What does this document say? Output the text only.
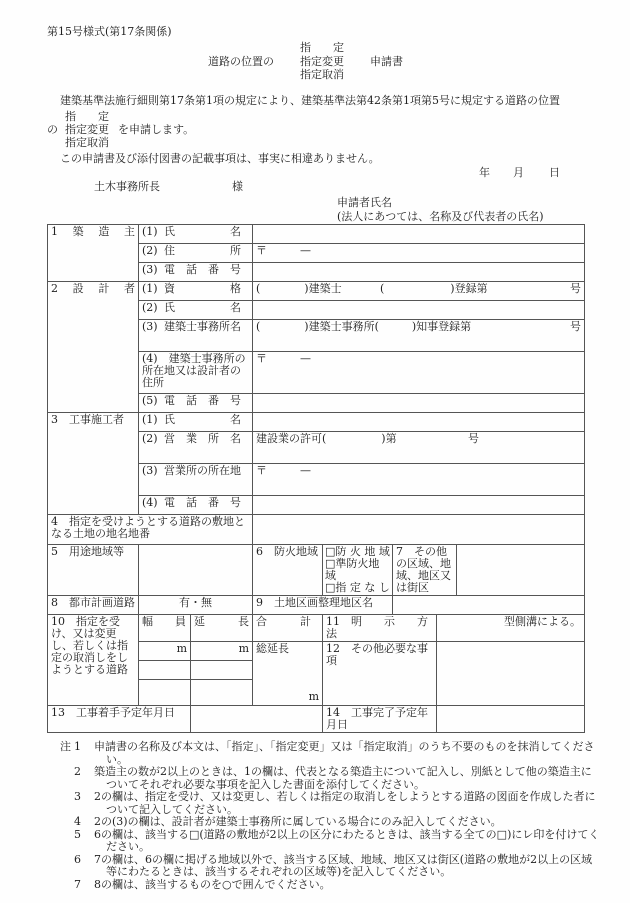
第15号様式(第17条関係)
指　　定
道路の位置の 指定変更 申請書
指定取消
建築基準法施行細則第17条第1項の規定により、建築基準法第42条第1項第5号に規定する道路の位置
指　　定
の 指定変更 を申請します。
指定取消
この申請書及び添付図書の記載事項は、事実に相違ありません。
年 月 日
土木事務所長	様
申請者氏名
(法人にあつては、名称及び代表者の氏名)
1 築 造 主	(1) 氏　　　　　名	

(2) 住　　　　　所	〒　　　—

(3) 電　話　番　号	

2 設 計 者	(1) 資　　　　　格	(　　　　)建築士	(　　　　　　)登録第	号

(2) 氏　　　　　名	

(3) 建築士事務所名	(　　　　)建築士事務所(　　　)知事登録第	号

(4)　 建築士事務所の所在地又は設計者の住所	〒　　　—

(5) 電　話　番　号	
3　工事施工者	(1) 氏　　　　　名	

(2) 営　業　所　名	建設業の許可(　　　　　)第	号

(3) 営業所の所在地	〒　　　—

(4) 電　話　番　号	
4　指定を受けようとする道路の敷地となる土地の地名地番	
5　用途地域等		6　防火地域	□防 火 地 域
□準防火地域
□指 定 な し
	7　その他の区域、地域、地区又は街区	
8　都市計画道路	有・無	9　土地区画整理地区名	
10　指定を受け、又は変更し、若しくは指定の取消しをしようとする道路	幅　　員	延　　　長	合　　　計	11　明　　示　　方　　法	型側溝による。
m	m	総延長
m
	12　その他必要な事項	

13　工事着手予定年月日		14　工事完了予定年月日	
注 1	申請書の名称及び本文は、「指定」、「指定変更」又は「指定取消」のうち不要のものを抹消してください。
2	築造主の数が2以上のときは、1の欄は、代表となる築造主について記入し、別紙として他の築造主についてそれぞれ必要な事項を記入した書面を添付してください。
3	2の欄は、指定を受け、又は変更し、若しくは指定の取消しをしようとする道路の図面を作成した者について記入してください。
4	2の(3)の欄は、設計者が建築士事務所に属している場合にのみ記入してください。
5	6の欄は、該当する□(道路の敷地が2以上の区分にわたるときは、該当する全ての□)にレ印を付けてください。
6	7の欄は、6の欄に掲げる地域以外で、該当する区域、地域、地区又は街区(道路の敷地が2以上の区域等にわたるときは、該当するそれぞれの区域等)を記入してください。
7	8の欄は、該当するものを○で囲んでください。
